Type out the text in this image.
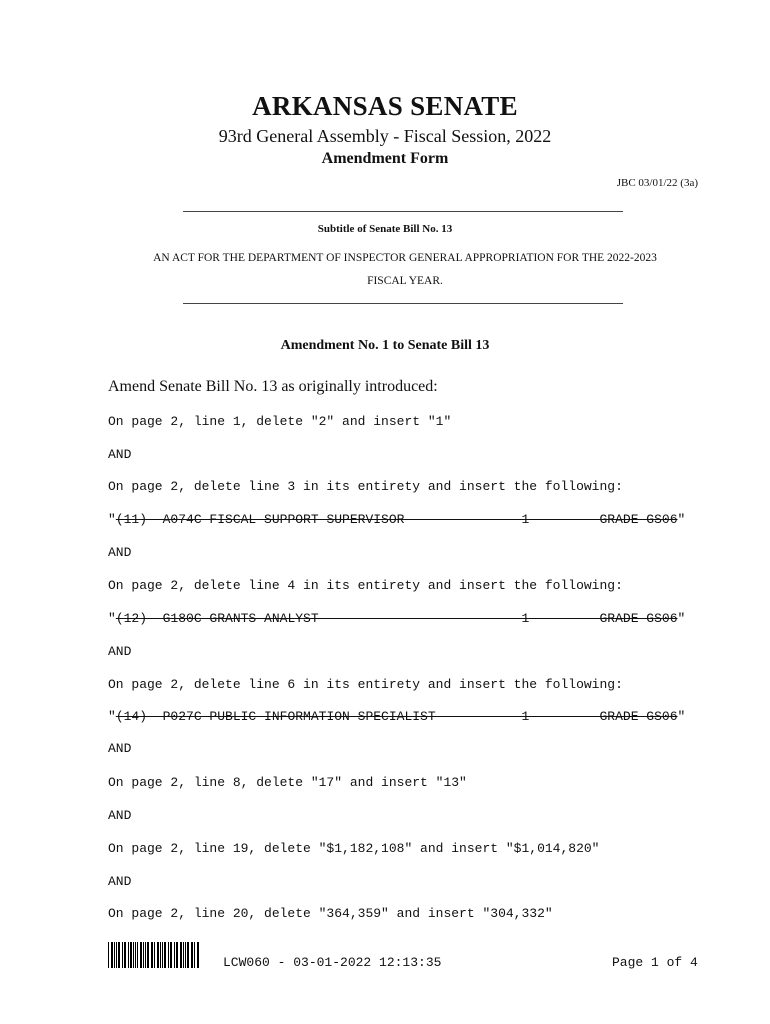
ARKANSAS SENATE
93rd General Assembly - Fiscal Session, 2022
Amendment Form
JBC 03/01/22 (3a)
Subtitle of Senate Bill No. 13
AN ACT FOR THE DEPARTMENT OF INSPECTOR GENERAL APPROPRIATION FOR THE 2022-2023
FISCAL YEAR.
Amendment No. 1 to Senate Bill 13
Amend Senate Bill No. 13 as originally introduced:
On page 2, line 1, delete "2" and insert "1"
AND
On page 2, delete line 3 in its entirety and insert the following:
"(11)  A074C FISCAL SUPPORT SUPERVISOR               1         GRADE GS06"
AND
On page 2, delete line 4 in its entirety and insert the following:
"(12)  G180C GRANTS ANALYST                          1         GRADE GS06"
AND
On page 2, delete line 6 in its entirety and insert the following:
"(14)  P027C PUBLIC INFORMATION SPECIALIST           1         GRADE GS06"
AND
On page 2, line 8, delete "17" and insert "13"
AND
On page 2, line 19, delete "$1,182,108" and insert "$1,014,820"
AND
On page 2, line 20, delete "364,359" and insert "304,332"
LCW060 - 03-01-2022 12:13:35	Page 1 of 4
